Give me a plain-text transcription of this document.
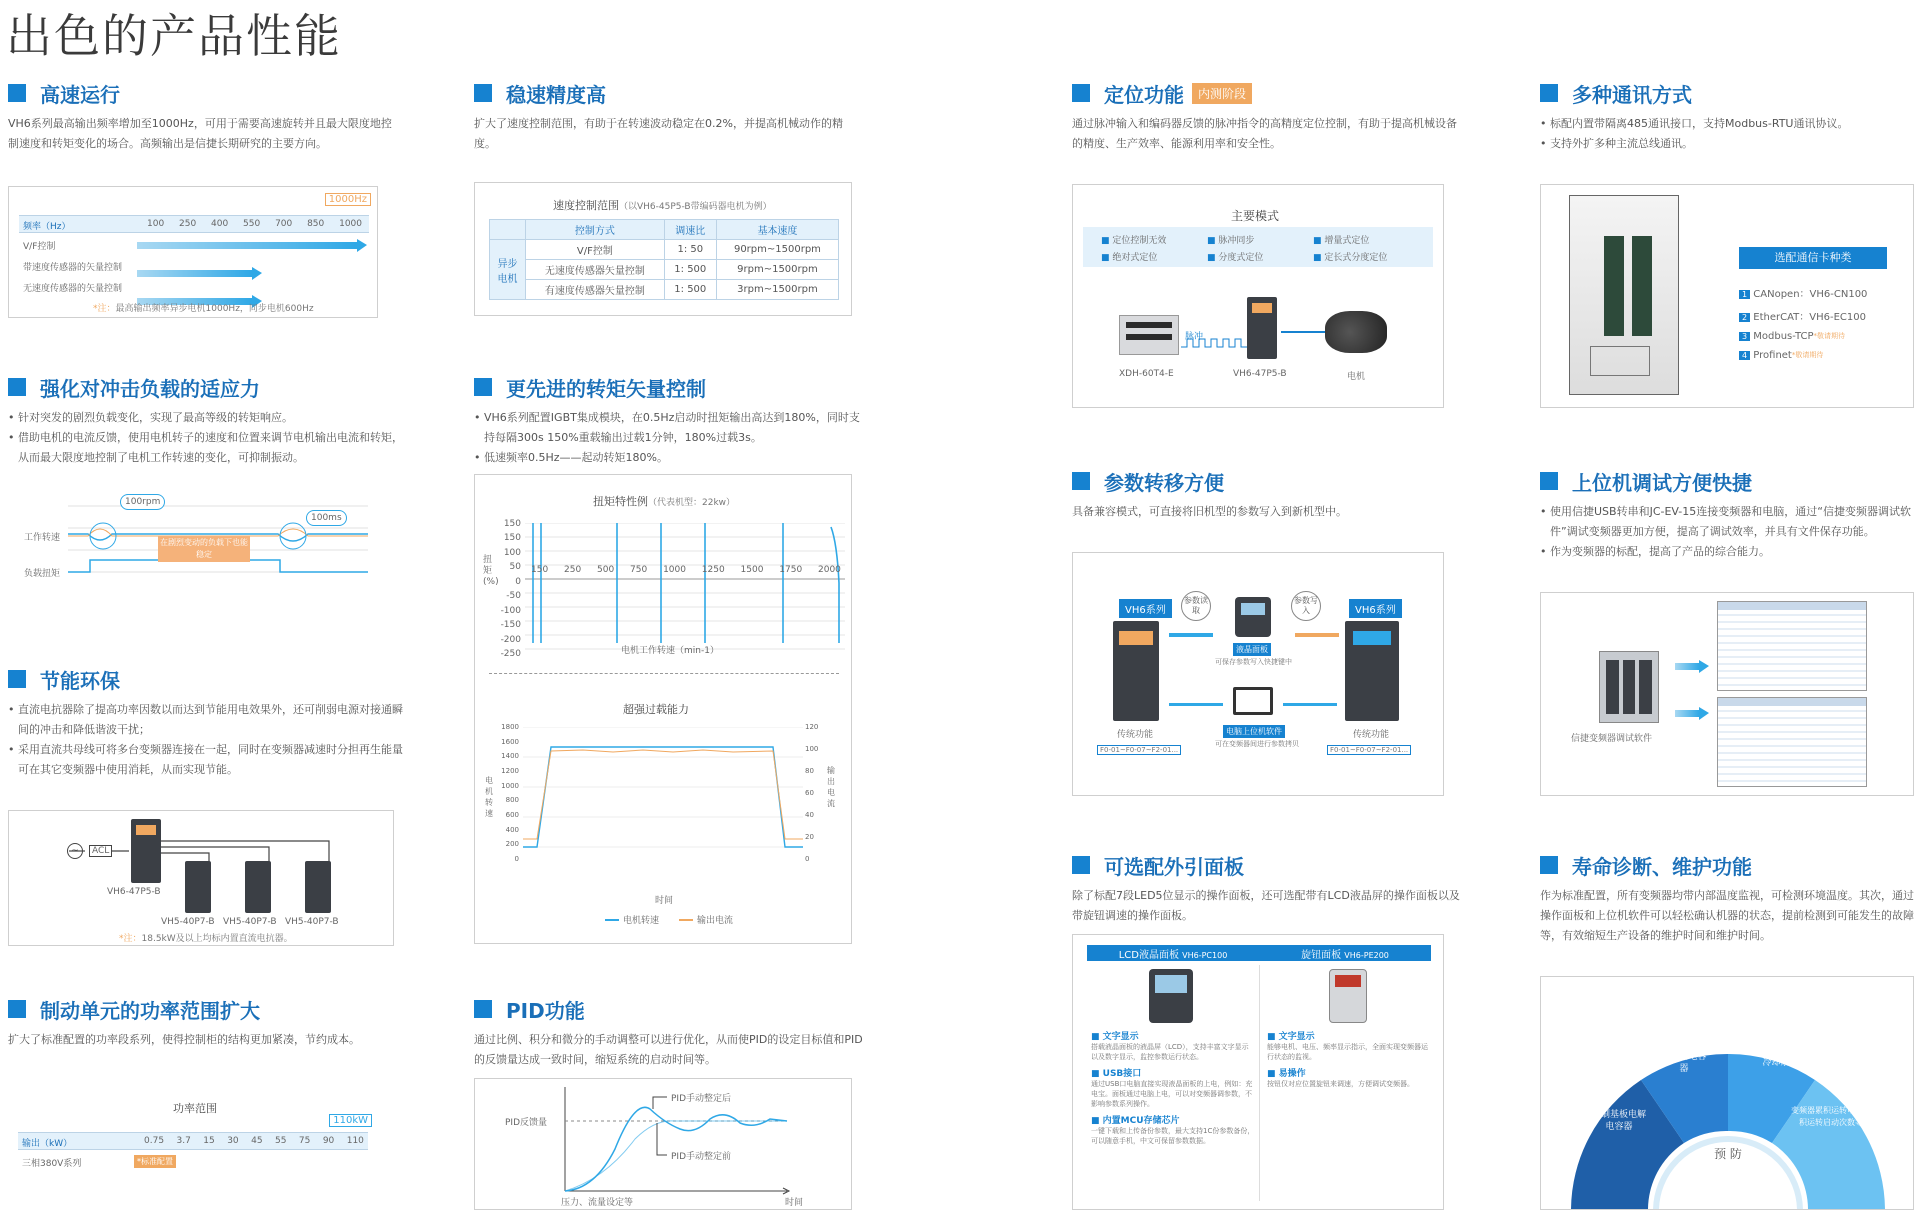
出色的产品性能
高速运行
VH6系列最高输出频率增加至1000Hz，可用于需要高速旋转并且最大限度地控制速度和转矩变化的场合。高频输出是信捷长期研究的主要方向。
1000Hz
频率（Hz）	100 250 400 550 700 850 1000
V/F控制
带速度传感器的矢量控制
无速度传感器的矢量控制
*注：最高输出频率异步电机1000Hz，同步电机600Hz
强化对冲击负载的适应力
• 针对突发的剧烈负载变化，实现了最高等级的转矩响应。
• 借助电机的电流反馈，使用电机转子的速度和位置来调节电机输出电流和转矩，从而最大限度地控制了电机工作转速的变化，可抑制振动。
工作转速
负载扭矩
100rpm
100ms
在剧烈变动的负载下也能稳定
转速稳定
节能环保
• 直流电抗器除了提高功率因数以而达到节能用电效果外，还可削弱电源对接通瞬间的冲击和降低谐波干扰；
• 采用直流共母线可将多台变频器连接在一起，同时在变频器减速时分担再生能量可在其它变频器中使用消耗，从而实现节能。
~	ACL
VH6-47P5-B
VH5-40P7-B VH5-40P7-B VH5-40P7-B
*注：18.5kW及以上均标内置直流电抗器。
制动单元的功率范围扩大
扩大了标准配置的功率段系列，使得控制柜的结构更加紧凑，节约成本。
功率范围
110kW
输出（kW）	0.75 3.7 15 30 45 55 75 90 110
三相380V系列	*标准配置
稳速精度高
扩大了速度控制范围，有助于在转速波动稳定在0.2%，并提高机械动作的精度。
速度控制范围（以VH6-45P5-B带编码器电机为例）
	控制方式	调速比	基本速度
异步电机	V/F控制	1: 50	90rpm~1500rpm
	无速度传感器矢量控制	1: 500	9rpm~1500rpm
	有速度传感器矢量控制	1: 500	3rpm~1500rpm
更先进的转矩矢量控制
• VH6系列配置IGBT集成模块，在0.5Hz启动时扭矩输出高达到180%，同时支持每隔300s 150%重载输出过载1分钟，180%过载3s。
• 低速频率0.5Hz——起动转矩180%。
扭矩特性例（代表机型：22kw）
扭矩(%)
150
150
100
50
0
-50
-100
-150
-200
-250
150 250 500 750 1000 1250 1500 1750 2000
电机工作转速（min-1）
超强过载能力
电机转速
1800
1600
1400
1200
1000
800
600
400
200
0
120
100
80
60
40
20
0
输出电流
时间
电机转速	输出电流
PID功能
通过比例、积分和微分的手动调整可以进行优化，从而使PID的设定目标值和PID的反馈量达成一致时间，缩短系统的启动时间等。
PID反馈量
PID手动整定后
PID手动整定前
压力、流量设定等	时间
定位功能	内测阶段
通过脉冲输入和编码器反馈的脉冲指令的高精度定位控制，有助于提高机械设备的精度、生产效率、能源利用率和安全性。
主要模式
■ 定位控制无效	■ 脉冲同步	■ 增量式定位
■ 绝对式定位	■ 分度式定位	■ 定长式分度定位
脉冲
XDH-60T4-E	VH6-47P5-B	电机
参数转移方便
具备兼容模式，可直接将旧机型的参数写入到新机型中。
VH6系列	VH6系列
参数读取
参数写入
液晶面板
可保存参数写入快捷键中
电脑上位机软件
可在变频器间进行参数拷贝
传统功能	传统功能
F0-01~F0-07~F2-01...	F0-01~F0-07~F2-01...
可选配外引面板
除了标配7段LED5位显示的操作面板，还可选配带有LCD液晶屏的操作面板以及带旋钮调速的操作面板。
LCD液晶面板 VH6-PC100	旋钮面板 VH6-PE200
■ 文字显示
搭载液晶面板的液晶屏（LCD），支持丰富文字显示以及数字显示，监控参数运行状态。
■ USB接口
通过USB口电脑直接实现液晶面板的上电，例如：充电宝。面板通过电脑上电，可以对变频器调参数，不影响参数系列操作。
■ 内置MCU存储芯片
一键下载和上传备份参数，最大支持1C份参数备份，可以随意手机，中文可保留参数数据。
■ 文字显示
能够电机、电压、频率显示指示，全面实现变频器运行状态的监视。
■ 易操作
按钮仅对应位置旋钮来调速，方便调试变频器。
多种通讯方式
• 标配内置带隔离485通讯接口，支持Modbus-RTU通讯协议。
• 支持外扩多种主流总线通讯。
选配通信卡种类
1 CANopen：VH6-CN100
2 EtherCAT：VH6-EC100
3 Modbus-$TCP^{*敬请期待}$
4 Profinet$^{*敬请期待}$
上位机调试方便快捷
• 使用信捷USB转串和JC-EV-15连接变频器和电脑，通过“信捷变频器调试软件”调试变频器更加方便，提高了调试效率，并具有文件保存功能。
• 作为变频器的标配，提高了产品的综合能力。
信捷变频器调试软件
寿命诊断、维护功能
作为标准配置，所有变频器均带内部温度监视，可检测环境温度。其次，通过操作面板和上位机软件可以轻松确认机器的状态，提前检测到可能发生的故障等，有效缩短生产设备的维护时间和维护时间。
印刷基板电解电容器
主电路电容器
冷却扇
变频器累积运转电机累积运转启动次数等
预 防
